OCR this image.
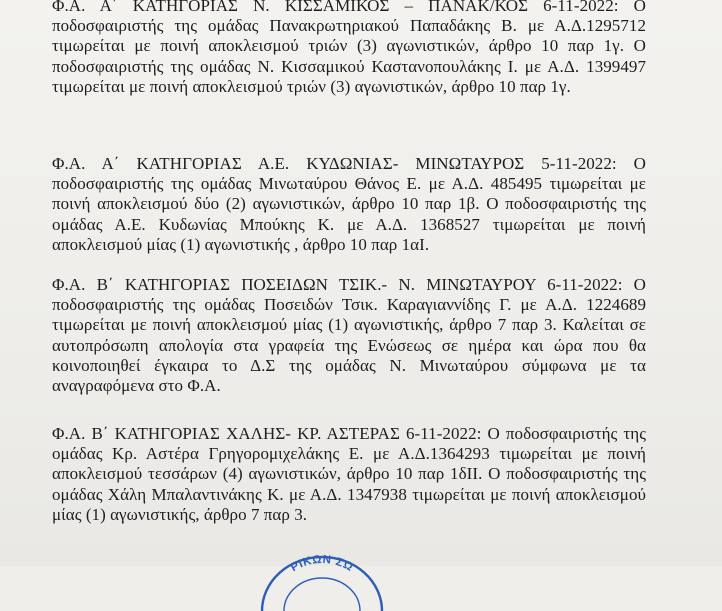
Φ.Α. Α΄ ΚΑΤΗΓΟΡΙΑΣ Ν. ΚΙΣΣΑΜΙΚΟΣ – ΠΑΝΑΚ/ΚΟΣ 6-11-2022: Ο ποδοσφαιριστής της ομάδας Πανακρωτηριακού Παπαδάκης Β. με Α.Δ.1295712 τιμωρείται με ποινή αποκλεισμού τριών (3) αγωνιστικών, άρθρο 10 παρ 1γ. Ο ποδοσφαιριστής της ομάδας Ν. Κισσαμικού Καστανοπουλάκης Ι. με Α.Δ. 1399497 τιμωρείται με ποινή αποκλεισμού τριών (3) αγωνιστικών, άρθρο 10 παρ 1γ.

Φ.Α. Α΄ ΚΑΤΗΓΟΡΙΑΣ Α.Ε. ΚΥΔΩΝΙΑΣ- ΜΙΝΩΤΑΥΡΟΣ 5-11-2022: Ο ποδοσφαιριστής της ομάδας Μινωταύρου Θάνος Ε. με Α.Δ. 485495 τιμωρείται με ποινή αποκλεισμού δύο (2) αγωνιστικών, άρθρο 10 παρ 1β. Ο ποδοσφαιριστής της ομάδας Α.Ε. Κυδωνίας Μπούκης Κ. με Α.Δ. 1368527 τιμωρείται με ποινή αποκλεισμού μίας (1) αγωνιστικής , άρθρο 10 παρ 1αΙ.

Φ.Α. Β΄ ΚΑΤΗΓΟΡΙΑΣ ΠΟΣΕΙΔΩΝ ΤΣΙΚ.- Ν. ΜΙΝΩΤΑΥΡΟΥ 6-11-2022: Ο ποδοσφαιριστής της ομάδας Ποσειδών Τσικ. Καραγιαννίδης Γ. με Α.Δ. 1224689 τιμωρείται με ποινή αποκλεισμού μίας (1) αγωνιστικής, άρθρο 7 παρ 3. Καλείται σε αυτοπρόσωπη απολογία στα γραφεία της Ενώσεως σε ημέρα και ώρα που θα κοινοποιηθεί έγκαιρα το Δ.Σ της ομάδας Ν. Μινωταύρου σύμφωνα με τα αναγραφόμενα στο Φ.Α.

Φ.Α. Β΄ ΚΑΤΗΓΟΡΙΑΣ ΧΑΛΗΣ- ΚΡ. ΑΣΤΕΡΑΣ 6-11-2022: Ο ποδοσφαιριστής της ομάδας Κρ. Αστέρα Γρηγορομιχελάκης Ε. με Α.Δ.1364293 τιμωρείται με ποινή αποκλεισμού τεσσάρων (4) αγωνιστικών, άρθρο 10 παρ 1δΙΙ. Ο ποδοσφαιριστής της ομάδας Χάλη Μπαλαντινάκης Κ. με Α.Δ. 1347938 τιμωρείται με ποινή αποκλεισμού μίας (1) αγωνιστικής, άρθρο 7 παρ 3.

ΡΙΚΩΝ ΣΩ
